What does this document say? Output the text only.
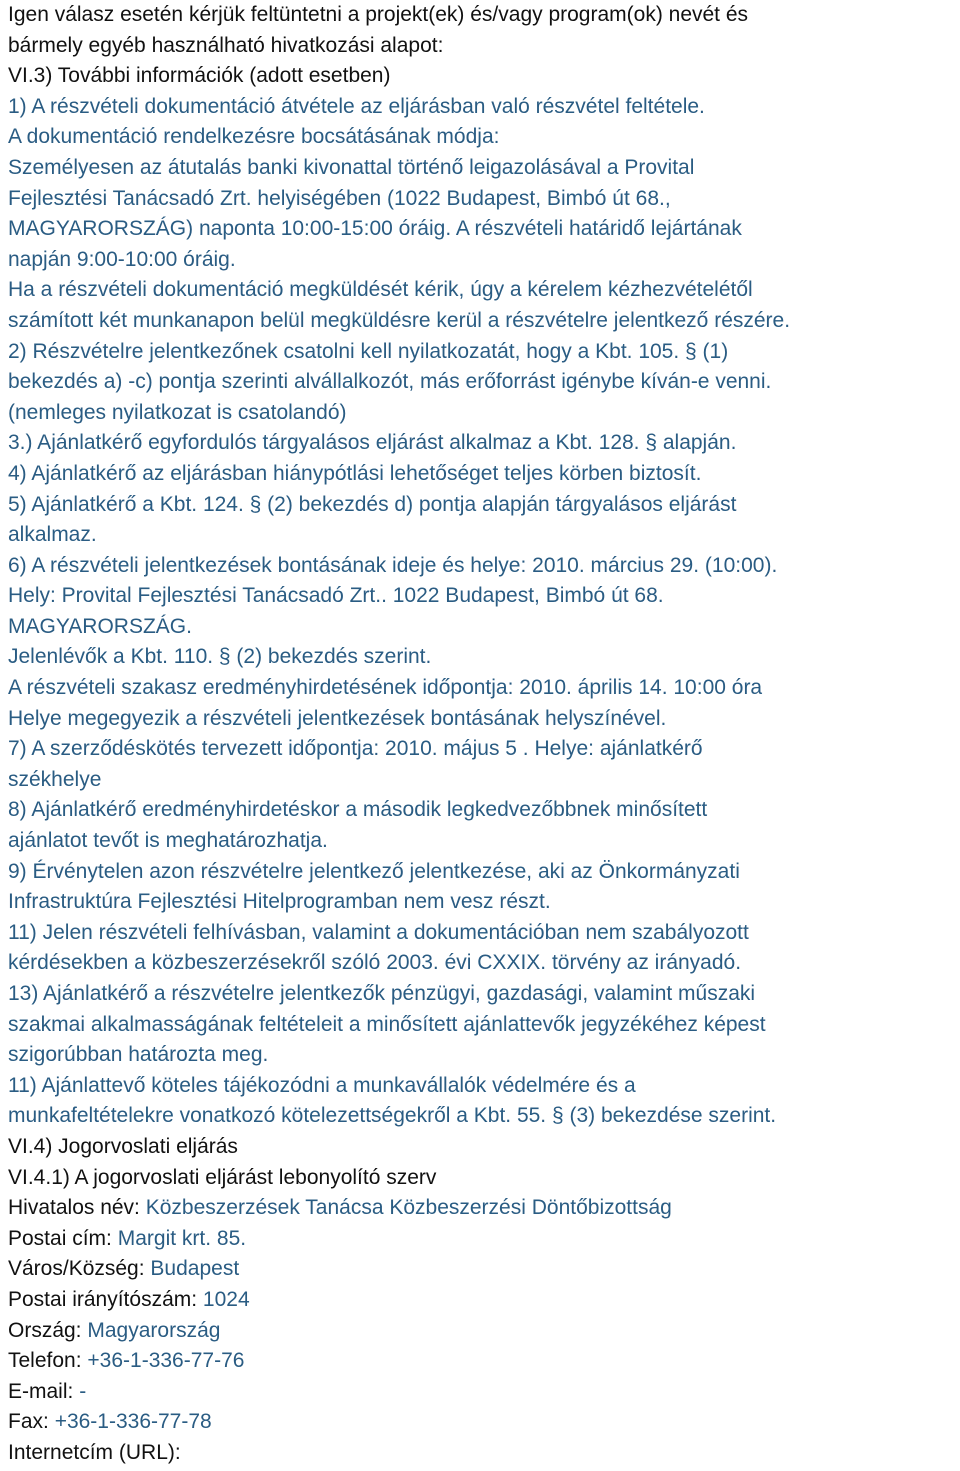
Igen válasz esetén kérjük feltüntetni a projekt(ek) és/vagy program(ok) nevét és
bármely egyéb használható hivatkozási alapot:
VI.3) További információk (adott esetben)
1) A részvételi dokumentáció átvétele az eljárásban való részvétel feltétele.
A dokumentáció rendelkezésre bocsátásának módja:
Személyesen az átutalás banki kivonattal történő leigazolásával a Provital
Fejlesztési Tanácsadó Zrt. helyiségében (1022 Budapest, Bimbó út 68.,
MAGYARORSZÁG) naponta 10:00-15:00 óráig. A részvételi határidő lejártának
napján 9:00-10:00 óráig.
Ha a részvételi dokumentáció megküldését kérik, úgy a kérelem kézhezvételétől
számított két munkanapon belül megküldésre kerül a részvételre jelentkező részére.
2) Részvételre jelentkezőnek csatolni kell nyilatkozatát, hogy a Kbt. 105. § (1)
bekezdés a) -c) pontja szerinti alvállalkozót, más erőforrást igénybe kíván-e venni.
(nemleges nyilatkozat is csatolandó)
3.) Ajánlatkérő egyfordulós tárgyalásos eljárást alkalmaz a Kbt. 128. § alapján.
4) Ajánlatkérő az eljárásban hiánypótlási lehetőséget teljes körben biztosít.
5) Ajánlatkérő a Kbt. 124. § (2) bekezdés d) pontja alapján tárgyalásos eljárást
alkalmaz.
6) A részvételi jelentkezések bontásának ideje és helye: 2010. március 29. (10:00).
Hely: Provital Fejlesztési Tanácsadó Zrt.. 1022 Budapest, Bimbó út 68.
MAGYARORSZÁG.
Jelenlévők a Kbt. 110. § (2) bekezdés szerint.
A részvételi szakasz eredményhirdetésének időpontja: 2010. április 14. 10:00 óra
Helye megegyezik a részvételi jelentkezések bontásának helyszínével.
7) A szerződéskötés tervezett időpontja: 2010. május 5 . Helye: ajánlatkérő
székhelye
8) Ajánlatkérő eredményhirdetéskor a második legkedvezőbbnek minősített
ajánlatot tevőt is meghatározhatja.
9) Érvénytelen azon részvételre jelentkező jelentkezése, aki az Önkormányzati
Infrastruktúra Fejlesztési Hitelprogramban nem vesz részt.
11) Jelen részvételi felhívásban, valamint a dokumentációban nem szabályozott
kérdésekben a közbeszerzésekről szóló 2003. évi CXXIX. törvény az irányadó.
13) Ajánlatkérő a részvételre jelentkezők pénzügyi, gazdasági, valamint műszaki
szakmai alkalmasságának feltételeit a minősített ajánlattevők jegyzékéhez képest
szigorúbban határozta meg.
11) Ajánlattevő köteles tájékozódni a munkavállalók védelmére és a
munkafeltételekre vonatkozó kötelezettségekről a Kbt. 55. § (3) bekezdése szerint.
VI.4) Jogorvoslati eljárás
VI.4.1) A jogorvoslati eljárást lebonyolító szerv
Hivatalos név: Közbeszerzések Tanácsa Közbeszerzési Döntőbizottság
Postai cím: Margit krt. 85.
Város/Község: Budapest
Postai irányítószám: 1024
Ország: Magyarország
Telefon: +36-1-336-77-76
E-mail: -
Fax: +36-1-336-77-78
Internetcím (URL):
